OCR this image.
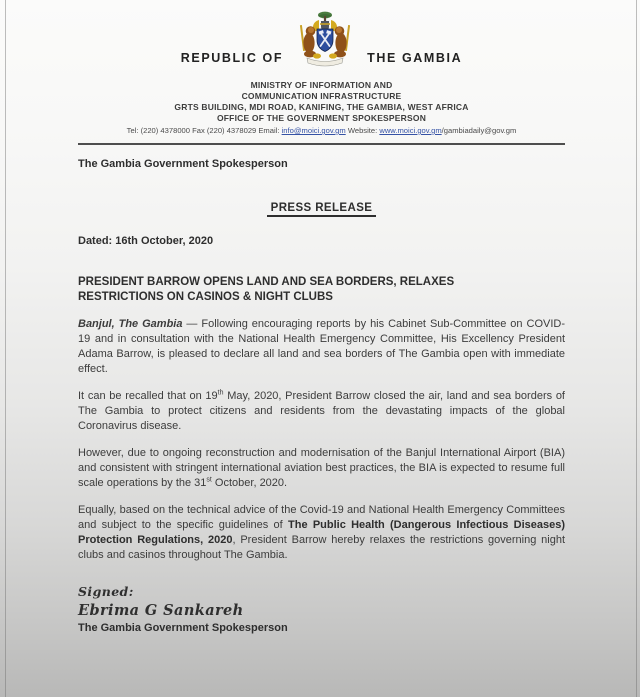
REPUBLIC OF	THE GAMBIA
MINISTRY OF INFORMATION AND
COMMUNICATION INFRASTRUCTURE
GRTS BUILDING, MDI ROAD, KANIFING, THE GAMBIA, WEST AFRICA
OFFICE OF THE GOVERNMENT SPOKESPERSON
Tel: (220) 4378000 Fax (220) 4378029 Email: info@moici.gov.gm Website: www.moici.gov.gm/gambiadaily@gov.gm
The Gambia Government Spokesperson
PRESS RELEASE
Dated: 16th October, 2020
PRESIDENT BARROW OPENS LAND AND SEA BORDERS, RELAXES
RESTRICTIONS ON CASINOS & NIGHT CLUBS

Banjul, The Gambia — Following encouraging reports by his Cabinet Sub-Committee on COVID-19 and in consultation with the National Health Emergency Committee, His Excellency President Adama Barrow, is pleased to declare all land and sea borders of The Gambia open with immediate effect.

It can be recalled that on 19th May, 2020, President Barrow closed the air, land and sea borders of The Gambia to protect citizens and residents from the devastating impacts of the global Coronavirus disease.

However, due to ongoing reconstruction and modernisation of the Banjul International Airport (BIA) and consistent with stringent international aviation best practices, the BIA is expected to resume full scale operations by the 31st October, 2020.

Equally, based on the technical advice of the Covid-19 and National Health Emergency Committees and subject to the specific guidelines of The Public Health (Dangerous Infectious Diseases) Protection Regulations, 2020, President Barrow hereby relaxes the restrictions governing night clubs and casinos throughout The Gambia.

Signed:
Ebrima G Sankareh
The Gambia Government Spokesperson
